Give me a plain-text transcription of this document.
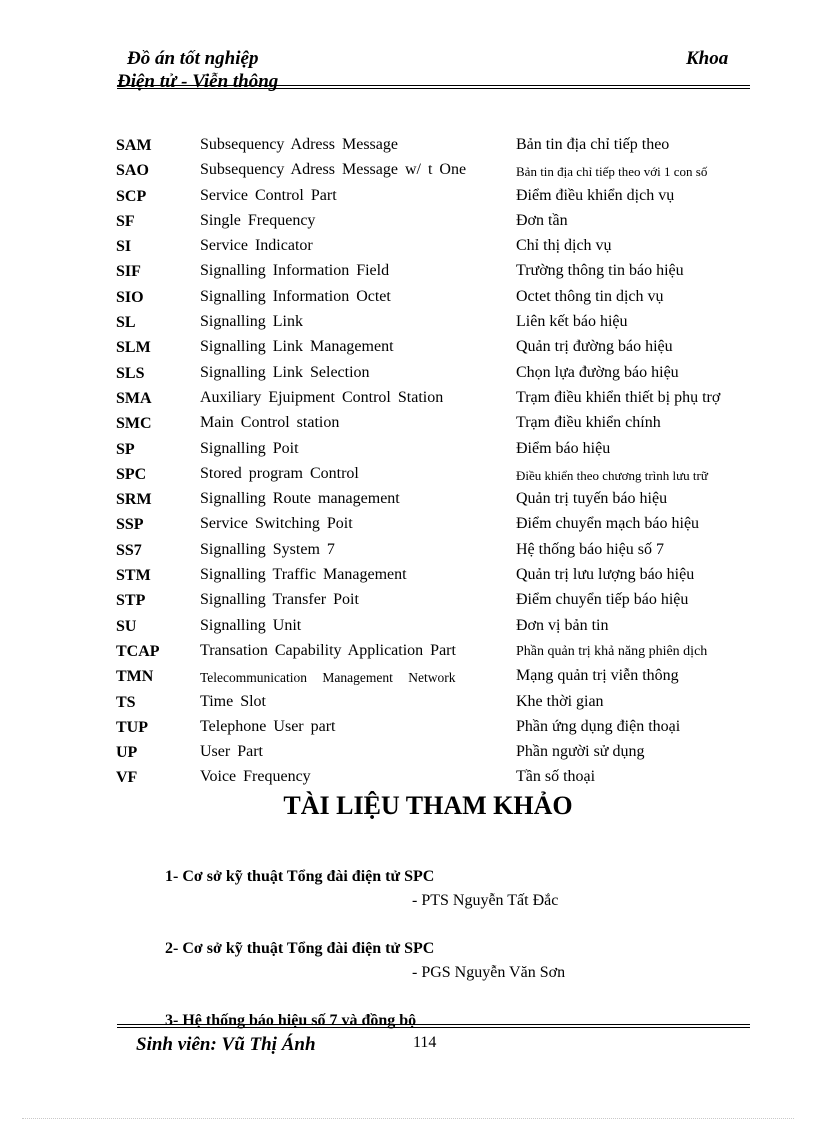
Đồ án tốt nghiệp	Khoa
Điện tử - Viễn thông
SAM	Subsequency Adress Message	Bản tin địa chỉ tiếp theo
SAO	Subsequency Adress Message w/ t One	Bản tin địa chỉ tiếp theo với 1 con số
SCP	Service Control Part	Điểm điều khiển dịch vụ
SF	Single Frequency	Đơn tần
SI	Service Indicator	Chỉ thị dịch vụ
SIF	Signalling Information Field	Trường thông tin báo hiệu
SIO	Signalling Information Octet	Octet thông tin dịch vụ
SL	Signalling Link	Liên kết báo hiệu
SLM	Signalling Link Management	Quản trị đường báo hiệu
SLS	Signalling Link Selection	Chọn lựa đường báo hiệu
SMA	Auxiliary Ejuipment Control Station	Trạm điều khiển thiết bị phụ trợ
SMC	Main Control station	Trạm điều khiển chính
SP	Signalling Poit	Điểm báo hiệu
SPC	Stored program Control	Điều khiển theo chương trình lưu trữ
SRM	Signalling Route management	Quản trị tuyến báo hiệu
SSP	Service Switching Poit	Điểm chuyển mạch báo hiệu
SS7	Signalling System 7	Hệ thống báo hiệu số 7
STM	Signalling Traffic Management	Quản trị lưu lượng báo hiệu
STP	Signalling Transfer Poit	Điểm chuyển tiếp báo hiệu
SU	Signalling Unit	Đơn vị bản tin
TCAP	Transation Capability Application Part	Phần quản trị khả năng phiên dịch
TMN	Telecommunication Management Network	Mạng quản trị viễn thông
TS	Time Slot	Khe thời gian
TUP	Telephone User part	Phần ứng dụng điện thoại
UP	User Part	Phần người sử dụng
VF	Voice Frequency	Tần số thoại
TÀI LIỆU THAM KHẢO
1- Cơ sở kỹ thuật Tổng đài điện tử SPC
- PTS Nguyễn Tất Đắc
2- Cơ sở kỹ thuật Tổng đài điện tử SPC
- PGS Nguyễn Văn Sơn
3- Hệ thống báo hiệu số 7 và đồng bộ
Sinh viên: Vũ Thị Ánh	114
